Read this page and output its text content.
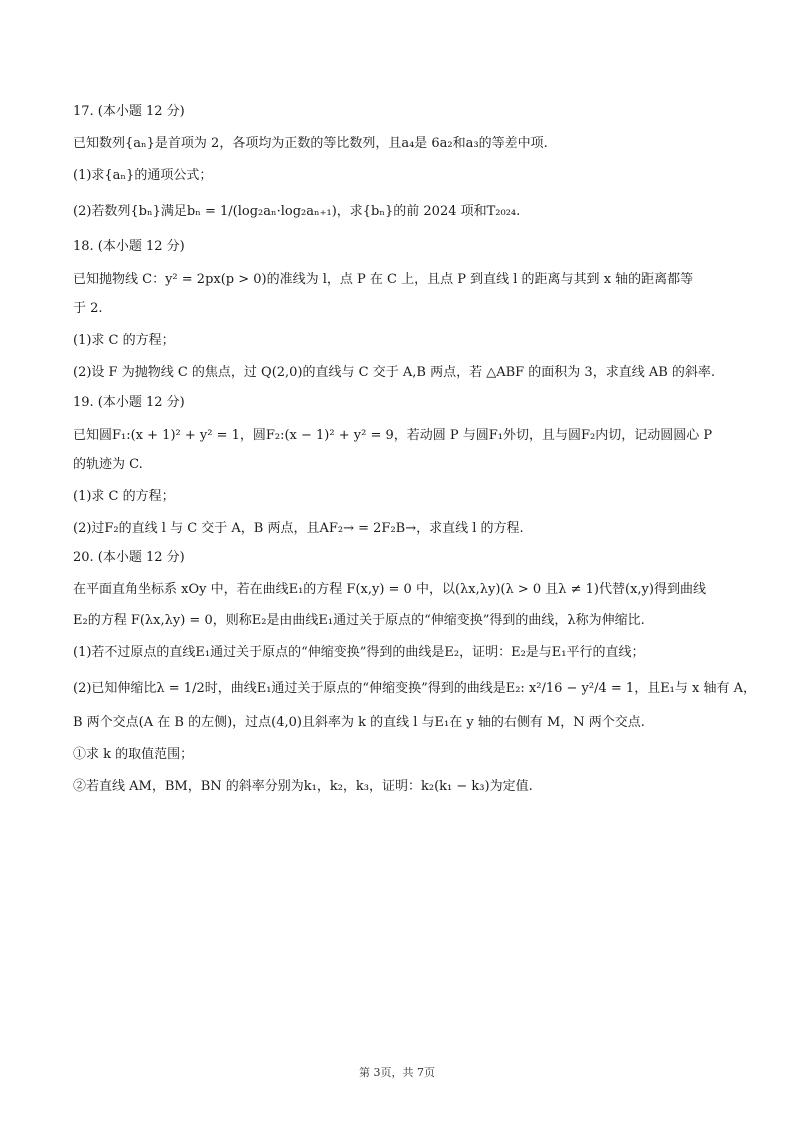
17. (本小题 12 分)
已知数列{aₙ}是首项为 2，各项均为正数的等比数列，且a₄是 6a₂和a₃的等差中项.
(1)求{aₙ}的通项公式；
(2)若数列{bₙ}满足bₙ = 1/(log₂aₙ·log₂aₙ₊₁)，求{bₙ}的前 2024 项和T₂₀₂₄.
18. (本小题 12 分)
已知抛物线 C：y² = 2px(p > 0)的准线为 l，点 P 在 C 上，且点 P 到直线 l 的距离与其到 x 轴的距离都等
于 2.
(1)求 C 的方程；
(2)设 F 为抛物线 C 的焦点，过 Q(2,0)的直线与 C 交于 A,B 两点，若 △ABF 的面积为 3，求直线 AB 的斜率.
19. (本小题 12 分)
已知圆F₁:(x + 1)² + y² = 1，圆F₂:(x − 1)² + y² = 9，若动圆 P 与圆F₁外切，且与圆F₂内切，记动圆圆心 P
的轨迹为 C.
(1)求 C 的方程；
(2)过F₂的直线 l 与 C 交于 A，B 两点，且AF₂→ = 2F₂B→，求直线 l 的方程.
20. (本小题 12 分)
在平面直角坐标系 xOy 中，若在曲线E₁的方程 F(x,y) = 0 中，以(λx,λy)(λ > 0 且λ ≠ 1)代替(x,y)得到曲线
E₂的方程 F(λx,λy) = 0，则称E₂是由曲线E₁通过关于原点的“伸缩变换”得到的曲线，λ称为伸缩比.
(1)若不过原点的直线E₁通过关于原点的“伸缩变换”得到的曲线是E₂，证明：E₂是与E₁平行的直线；
(2)已知伸缩比λ = 1/2时，曲线E₁通过关于原点的“伸缩变换”得到的曲线是E₂: x²/16 − y²/4 = 1，且E₁与 x 轴有 A，
B 两个交点(A 在 B 的左侧)，过点(4,0)且斜率为 k 的直线 l 与E₁在 y 轴的右侧有 M，N 两个交点.
①求 k 的取值范围；
②若直线 AM，BM，BN 的斜率分别为k₁，k₂，k₃，证明：k₂(k₁ − k₃)为定值.
第 3页，共 7页
